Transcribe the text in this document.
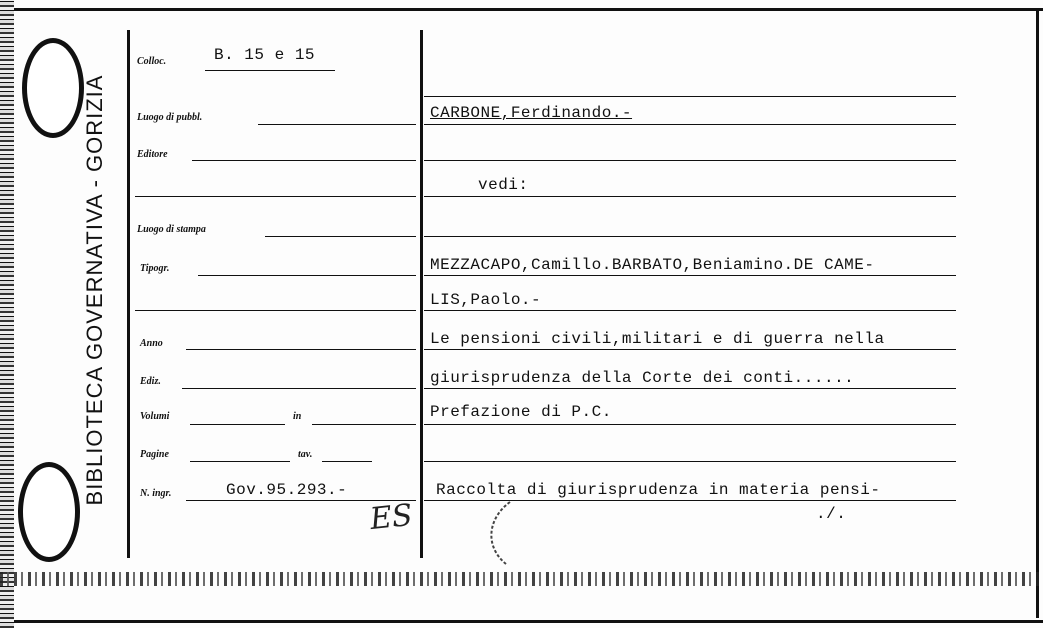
BIBLIOTECA GOVERNATIVA - GORIZIA
Colloc.	B. 15 e 15
Luogo di pubbl.
Editore
Luogo di stampa
Tipogr.
Anno
Ediz.
Volumi	in
Pagine	tav.
N. ingr.	Gov.95.293.-
ES
CARBONE,Ferdinando.-
vedi:
MEZZACAPO,Camillo.BARBATO,Beniamino.DE CAME-
LIS,Paolo.-
Le pensioni civili,militari e di guerra nella
giurisprudenza della Corte dei conti......
Prefazione di P.C.
Raccolta di giurisprudenza in materia pensi-
./.
